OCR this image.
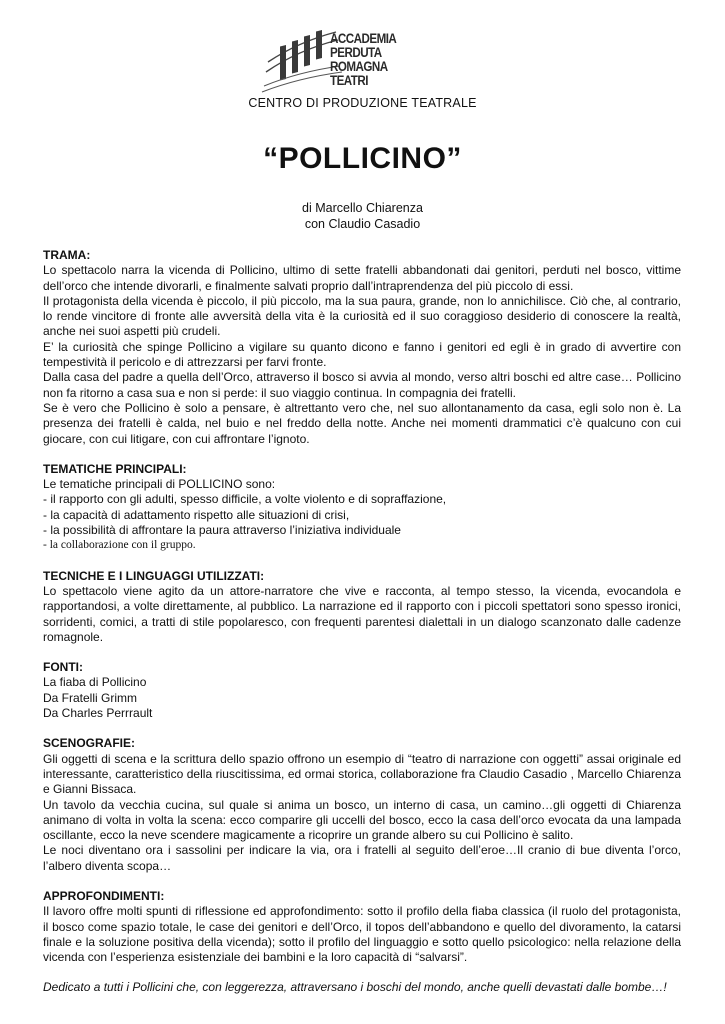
ACCADEMIA
PERDUTA
ROMAGNA
TEATRI
CENTRO DI PRODUZIONE TEATRALE
“POLLICINO”
di Marcello Chiarenza
con Claudio Casadio

TRAMA:

Lo spettacolo narra la vicenda di Pollicino, ultimo di sette fratelli abbandonati dai genitori, perduti nel bosco, vittime dell’orco che intende divorarli, e finalmente salvati proprio dall’intraprendenza del più piccolo di essi.

Il protagonista della vicenda è piccolo, il più piccolo, ma la sua paura, grande, non lo annichilisce. Ciò che, al contrario, lo rende vincitore di fronte alle avversità della vita è la curiosità ed il suo coraggioso desiderio di conoscere la realtà, anche nei suoi aspetti più crudeli.

E’ la curiosità che spinge Pollicino a vigilare su quanto dicono e fanno i genitori ed egli è in grado di avvertire con tempestività il pericolo e di attrezzarsi per farvi fronte.

Dalla casa del padre a quella dell’Orco, attraverso il bosco si avvia al mondo, verso altri boschi ed altre case… Pollicino non fa ritorno a casa sua e non si perde: il suo viaggio continua. In compagnia dei fratelli.

Se è vero che Pollicino è solo a pensare, è altrettanto vero che, nel suo allontanamento da casa, egli solo non è. La presenza dei fratelli è calda, nel buio e nel freddo della notte. Anche nei momenti drammatici c’è qualcuno con cui giocare, con cui litigare, con cui affrontare l’ignoto.

TEMATICHE PRINCIPALI:

Le tematiche principali di POLLICINO sono:

- il rapporto con gli adulti, spesso difficile, a volte violento e di sopraffazione,

- la capacità di adattamento rispetto alle situazioni di crisi,

- la possibilità di affrontare la paura attraverso l’iniziativa individuale

- la collaborazione con il gruppo.

TECNICHE E I LINGUAGGI UTILIZZATI:

Lo spettacolo viene agito da un attore-narratore che vive e racconta, al tempo stesso, la vicenda, evocandola e rapportandosi, a volte direttamente, al pubblico. La narrazione ed il rapporto con i piccoli spettatori sono spesso ironici, sorridenti, comici, a tratti di stile popolaresco, con frequenti parentesi dialettali in un dialogo scanzonato dalle cadenze romagnole.

FONTI:

La fiaba di Pollicino

Da Fratelli Grimm

Da Charles Perrrault

SCENOGRAFIE:

Gli oggetti di scena e la scrittura dello spazio offrono un esempio di “teatro di narrazione con oggetti” assai originale ed interessante, caratteristico della riuscitissima, ed ormai storica, collaborazione fra Claudio Casadio , Marcello Chiarenza e Gianni Bissaca.

Un tavolo da vecchia cucina, sul quale si anima un bosco, un interno di casa, un camino…gli oggetti di Chiarenza animano di volta in volta la scena: ecco comparire gli uccelli del bosco, ecco la casa dell’orco evocata da una lampada oscillante, ecco la neve scendere magicamente a ricoprire un grande albero su cui Pollicino è salito.

Le noci diventano ora i sassolini per indicare la via, ora i fratelli al seguito dell’eroe…Il cranio di bue diventa l’orco, l’albero diventa scopa…

APPROFONDIMENTI:

Il lavoro offre molti spunti di riflessione ed approfondimento: sotto il profilo della fiaba classica (il ruolo del protagonista, il bosco come spazio totale, le case dei genitori e dell’Orco, il topos dell’abbandono e quello del divoramento, la catarsi finale e la soluzione positiva della vicenda); sotto il profilo del linguaggio e sotto quello psicologico: nella relazione della vicenda con l’esperienza esistenziale dei bambini e la loro capacità di “salvarsi”.

Dedicato a tutti i Pollicini che, con leggerezza, attraversano i boschi del mondo, anche quelli devastati dalle bombe…!
